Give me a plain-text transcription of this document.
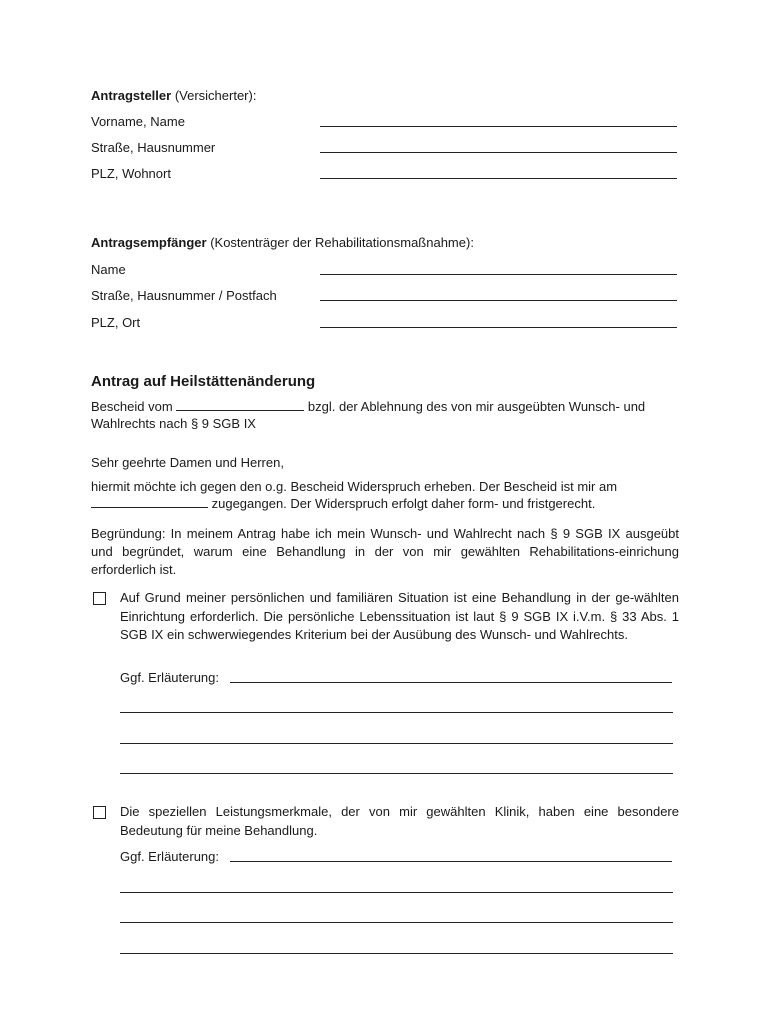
Antragsteller (Versicherter):
Vorname, Name
Straße, Hausnummer
PLZ, Wohnort
Antragsempfänger (Kostenträger der Rehabilitationsmaßnahme):
Name
Straße, Hausnummer / Postfach
PLZ, Ort
Antrag auf Heilstättenänderung
Bescheid vom	bzgl. der Ablehnung des von mir ausgeübten Wunsch- und
Wahlrechts nach § 9 SGB IX
Sehr geehrte Damen und Herren,
hiermit möchte ich gegen den o.g. Bescheid Widerspruch erheben. Der Bescheid ist mir am
zugegangen. Der Widerspruch erfolgt daher form- und fristgerecht.
Begründung: In meinem Antrag habe ich mein Wunsch- und Wahlrecht nach § 9 SGB IX ausgeübt und begründet, warum eine Behandlung in der von mir gewählten Rehabilitations-einrichung erforderlich ist.
Auf Grund meiner persönlichen und familiären Situation ist eine Behandlung in der ge-wählten Einrichtung erforderlich. Die persönliche Lebenssituation ist laut § 9 SGB IX i.V.m. § 33 Abs. 1 SGB IX ein schwerwiegendes Kriterium bei der Ausübung des Wunsch- und Wahlrechts.
Ggf. Erläuterung:
Die speziellen Leistungsmerkmale, der von mir gewählten Klinik, haben eine besondere Bedeutung für meine Behandlung.
Ggf. Erläuterung:
